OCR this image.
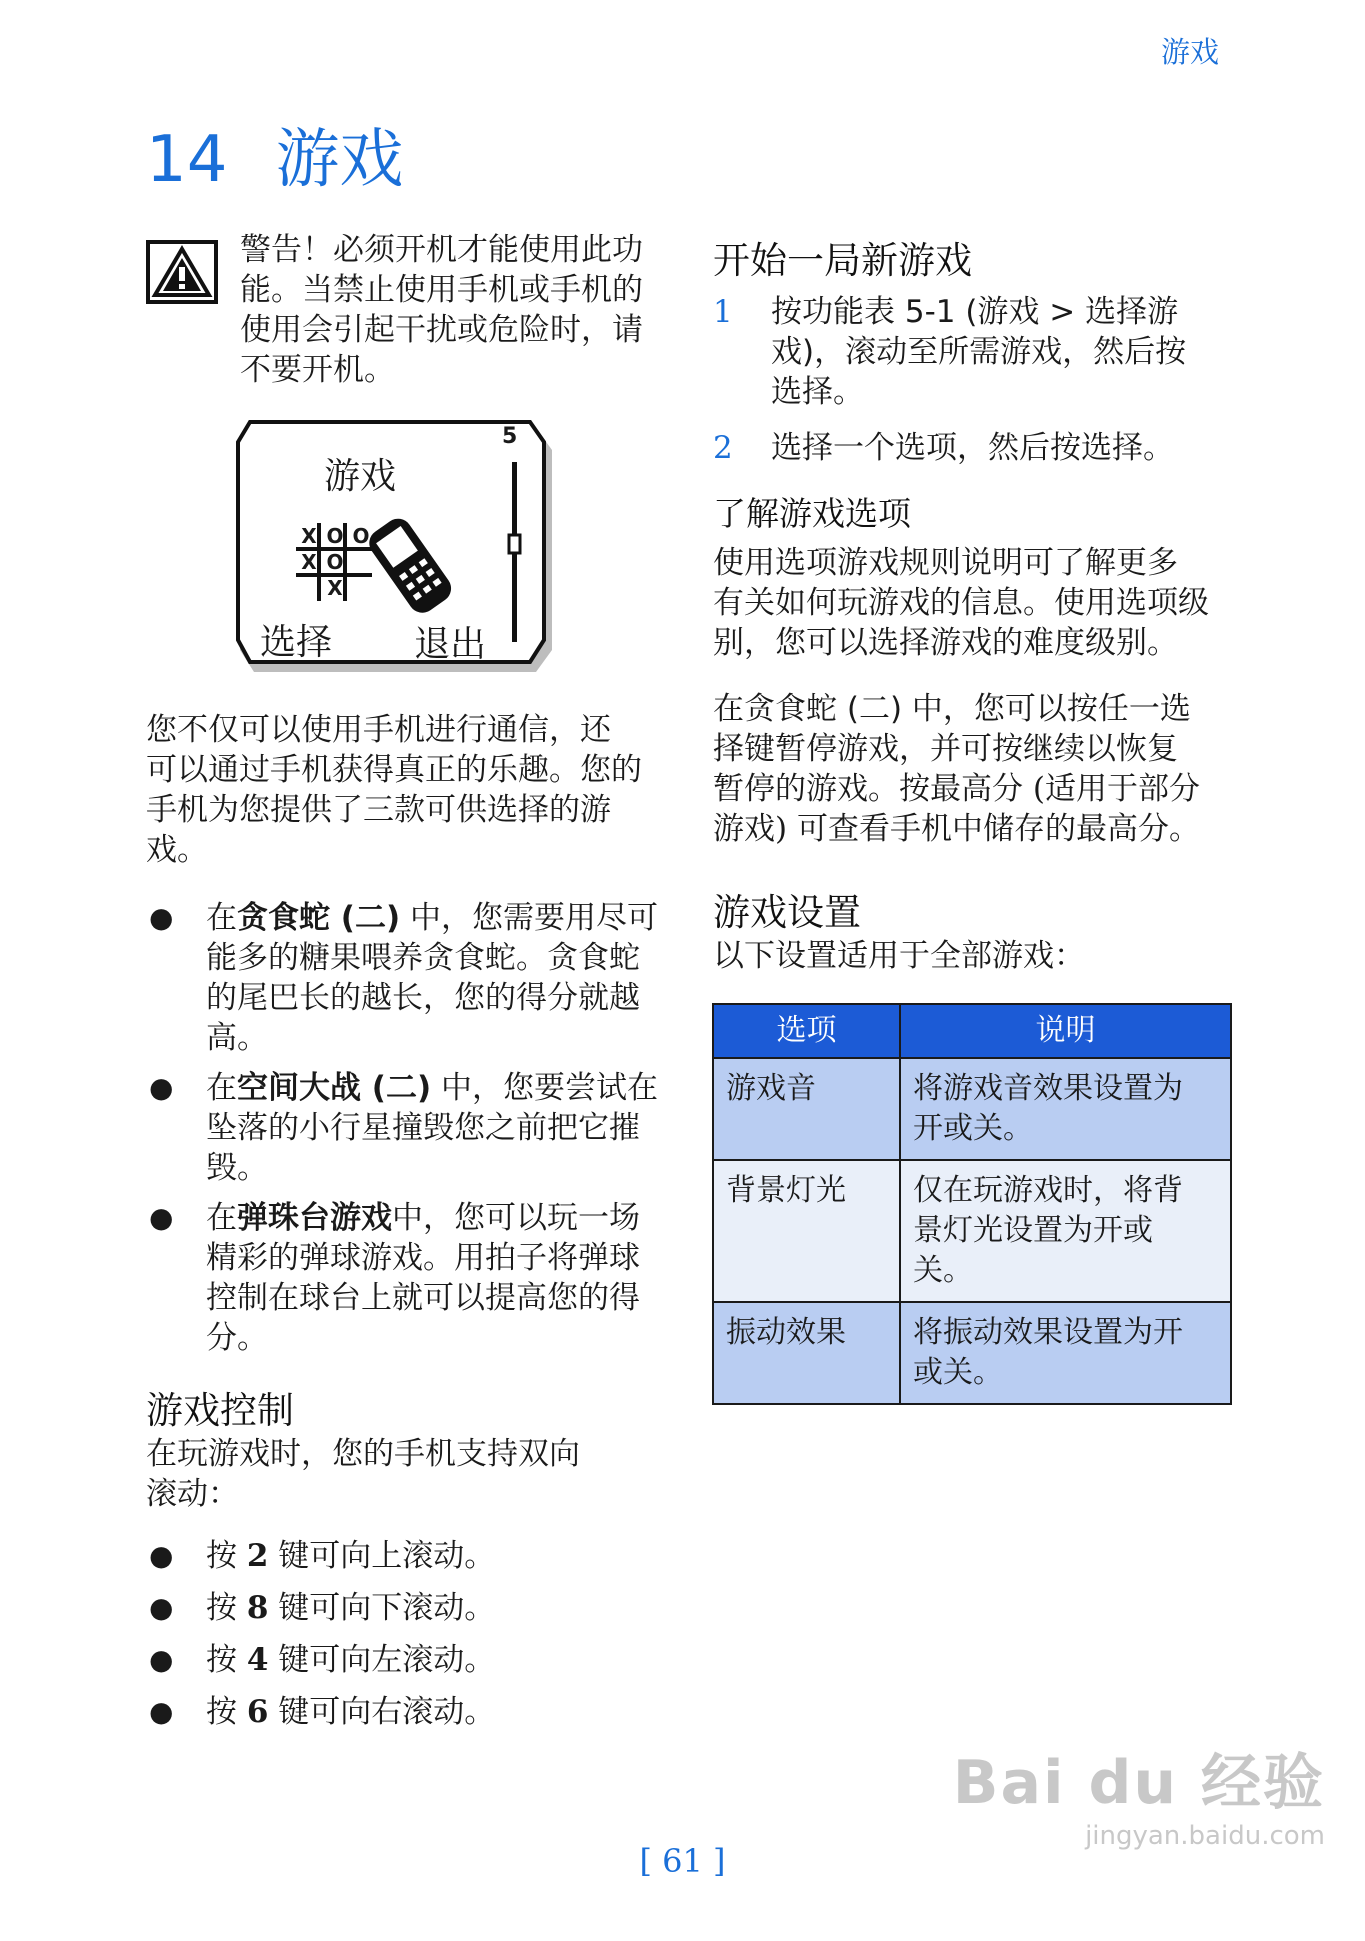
游戏
14 游戏
警告！必须开机才能使用此功
能。当禁止使用手机或手机的
使用会引起干扰或危险时，请
不要开机。
游戏
5
选择 退出
X O O
X O
X
您不仅可以使用手机进行通信，还
可以通过手机获得真正的乐趣。您的
手机为您提供了三款可供选择的游
戏。
● 在贪食蛇 (二) 中，您需要用尽可
能多的糖果喂养贪食蛇。贪食蛇
的尾巴长的越长，您的得分就越
高。
● 在空间大战 (二) 中，您要尝试在
坠落的小行星撞毁您之前把它摧
毁。
● 在弹珠台游戏中，您可以玩一场
精彩的弹球游戏。用拍子将弹球
控制在球台上就可以提高您的得
分。
游戏控制
在玩游戏时，您的手机支持双向
滚动：
● 按 2 键可向上滚动。
● 按 8 键可向下滚动。
● 按 4 键可向左滚动。
● 按 6 键可向右滚动。
开始一局新游戏
1 按功能表 5-1 (游戏 > 选择游
戏)，滚动至所需游戏，然后按
选择。
2 选择一个选项，然后按选择。
了解游戏选项
使用选项游戏规则说明可了解更多
有关如何玩游戏的信息。使用选项级
别，您可以选择游戏的难度级别。
在贪食蛇 (二) 中，您可以按任一选
择键暂停游戏，并可按继续以恢复
暂停的游戏。按最高分 (适用于部分
游戏) 可查看手机中储存的最高分。
游戏设置
以下设置适用于全部游戏：
选项	说明
游戏音	将游戏音效果设置为
开或关。

背景灯光	仅在玩游戏时，将背
景灯光设置为开或
关。

振动效果	将振动效果设置为开
或关。
Bai du 经验
jingyan.baidu.com
[ 61 ]
